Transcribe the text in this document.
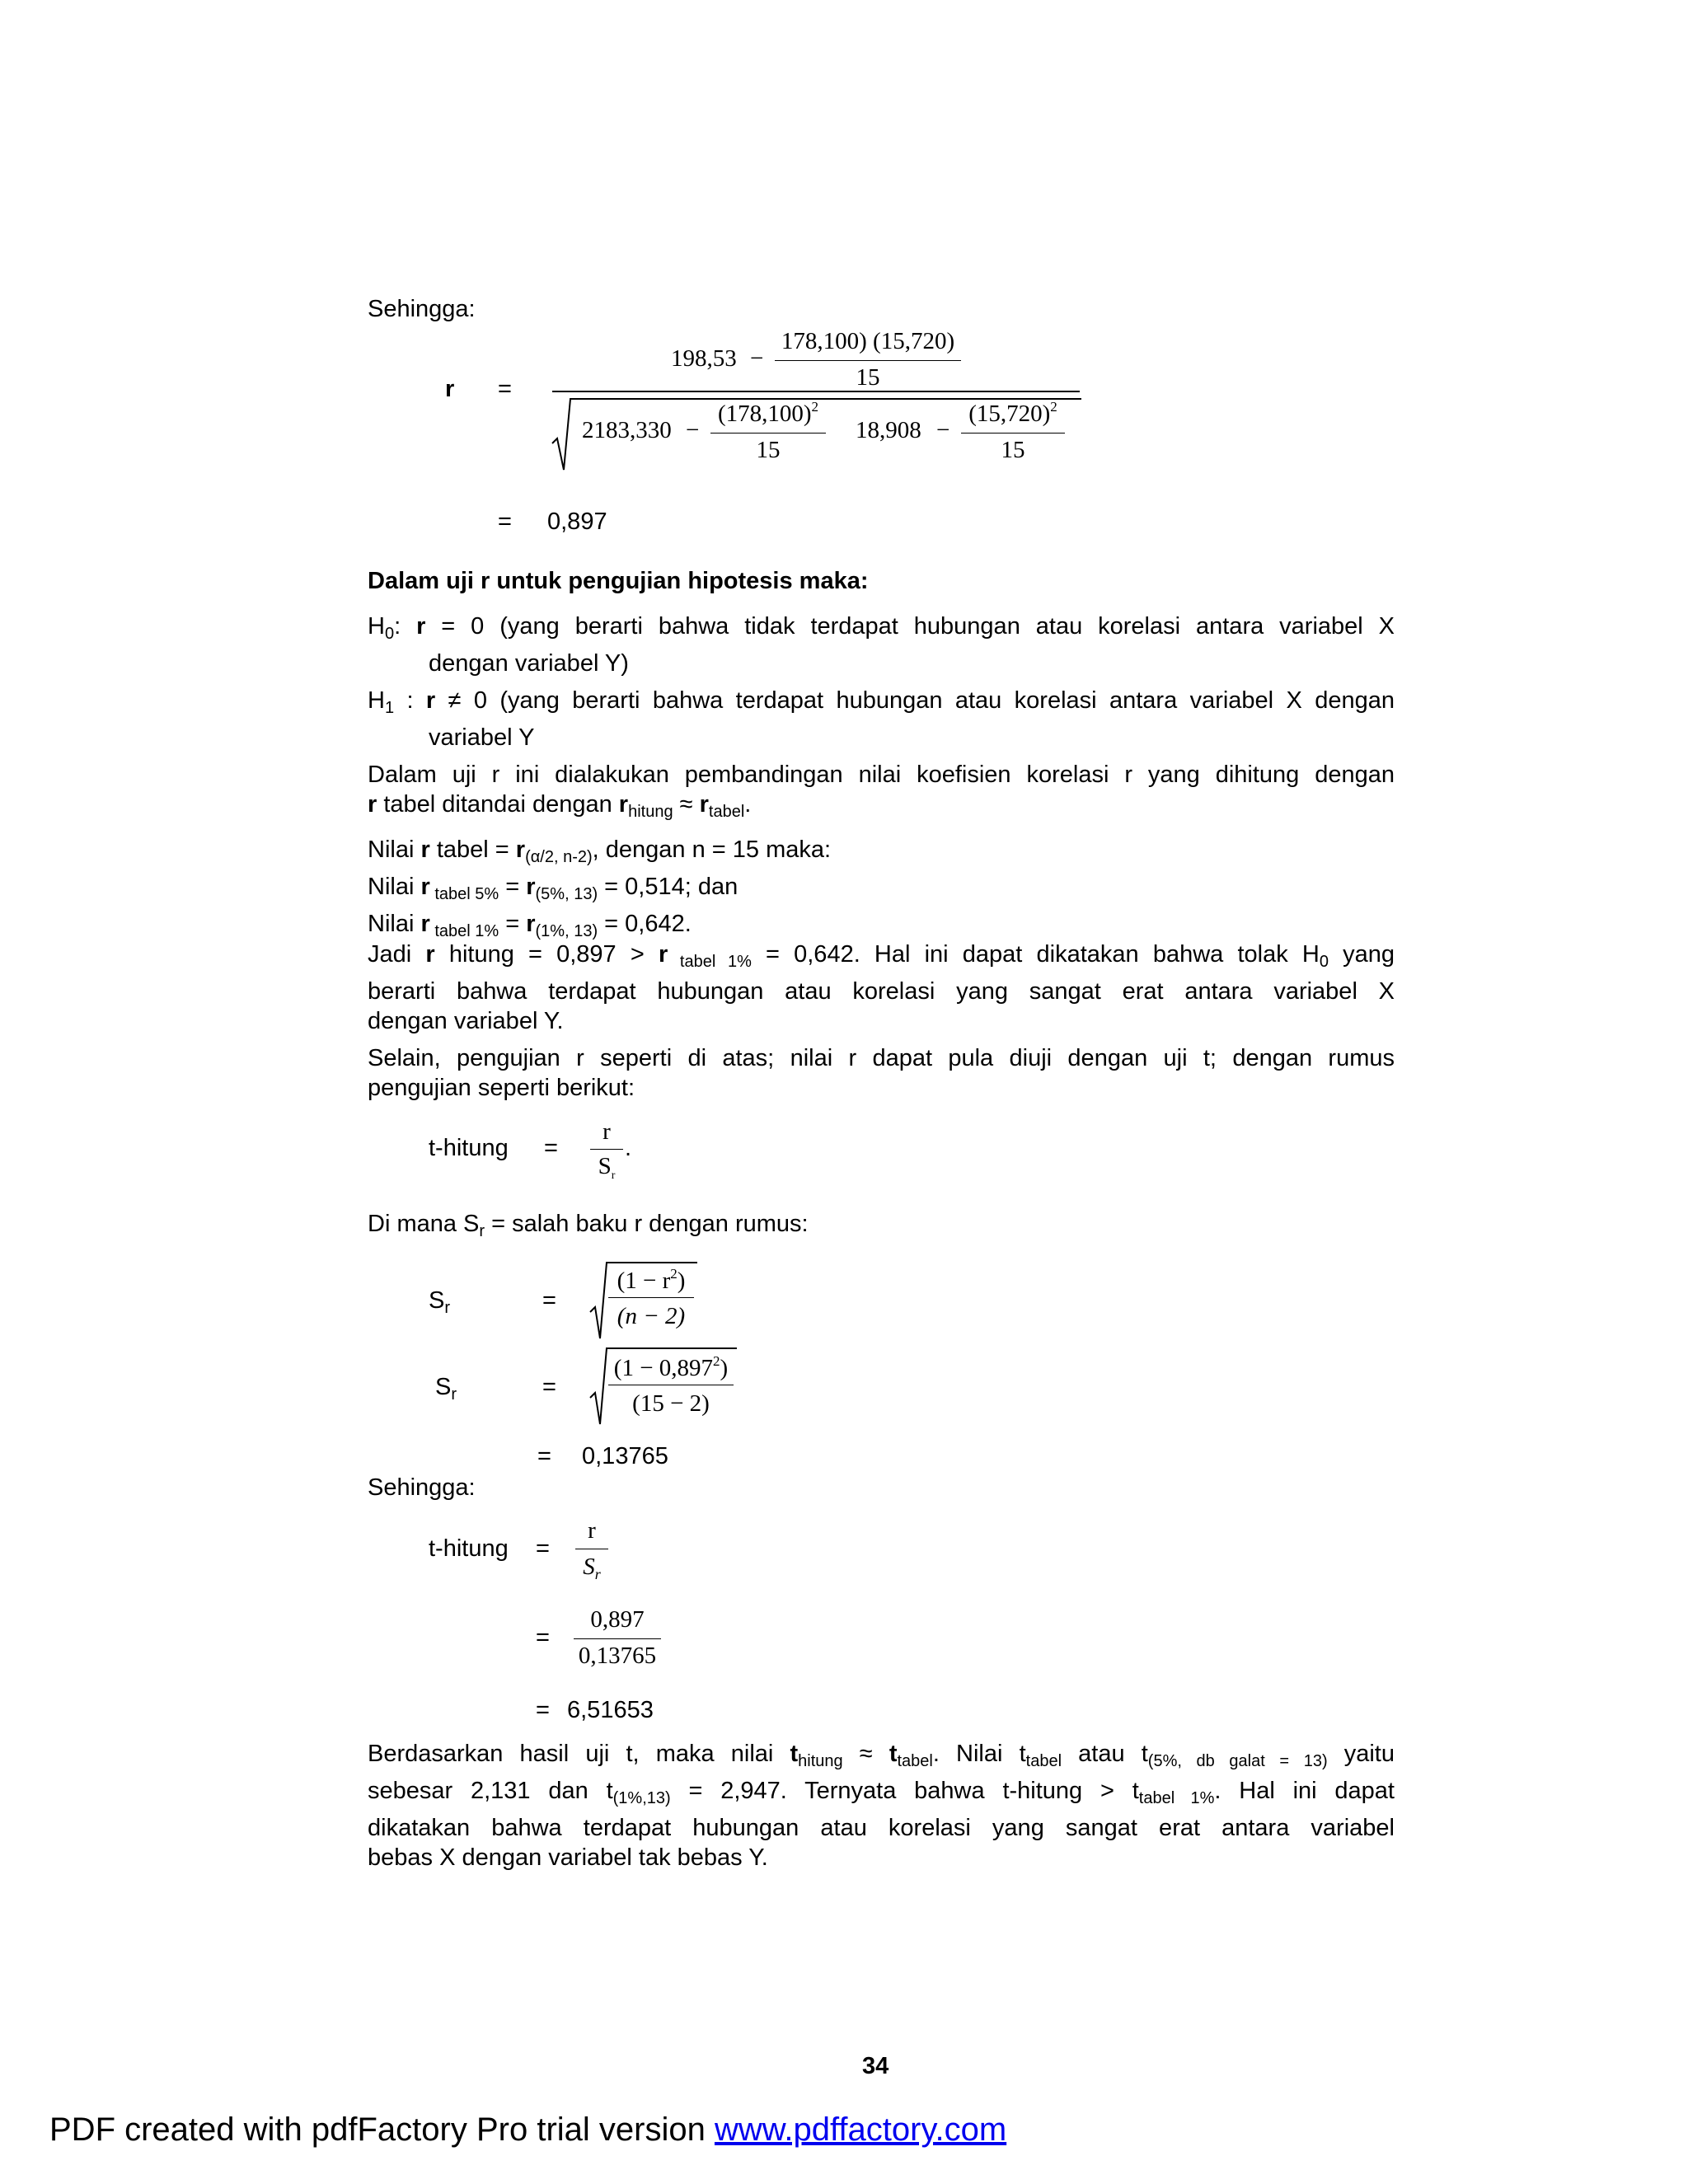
Sehingga:
r =
198,53 −
178,100) (15,720)
15
2183,330 −
$(178,100)^2$
15
18,908 −
$(15,720)^2$
15
= 0,897
Dalam uji r untuk pengujian hipotesis maka:
$H_0$: r = 0 (yang berarti bahwa tidak terdapat hubungan atau korelasi antara variabel X
dengan variabel Y)
$H_1$ : r ≠ 0 (yang berarti bahwa terdapat hubungan atau korelasi antara variabel X dengan
variabel Y
Dalam uji r ini dialakukan pembandingan nilai koefisien korelasi r yang dihitung dengan
r tabel ditandai dengan $r_{hitung} \approx r_{tabel}$.
Nilai r tabel = $r_{(\alpha/2, n-2)}$, dengan n = 15 maka:
Nilai r $_{tabel 5\%} = r_{(5\%, 13)} = 0,514$; dan
Nilai r $_{tabel 1\%} = r_{(1\%, 13)} = 0,642$.
Jadi r hitung = 0,897 > r $_{tabel 1\%}$ = 0,642. Hal ini dapat dikatakan bahwa tolak $H_0$ yang
berarti bahwa terdapat hubungan atau korelasi yang sangat erat antara variabel X
dengan variabel Y.
Selain, pengujian r seperti di atas; nilai r dapat pula diuji dengan uji t; dengan rumus
pengujian seperti berikut:
t-hitung =
r
$S_r$
.
Di mana $S_r$ = salah baku r dengan rumus:
$S_r$	=
$(1 - r^2)$
(n − 2)
$S_r$	=
$(1 - 0,897^2)$
(15 − 2)
= 0,13765
Sehingga:
t-hitung =
r
$S_r$
=
0,897
0,13765
= 6,51653
Berdasarkan hasil uji t, maka nilai $t_{hitung} \approx t_{tabel}$. Nilai $t_{tabel}$ atau $t_{(5\%, db galat = 13)}$ yaitu
sebesar 2,131 dan $t_{(1\%,13)} = 2,947$. Ternyata bahwa t-hitung > $t_{tabel 1\%}$. Hal ini dapat
dikatakan bahwa terdapat hubungan atau korelasi yang sangat erat antara variabel
bebas X dengan variabel tak bebas Y.
34
PDF created with pdfFactory Pro trial version www.pdffactory.com
